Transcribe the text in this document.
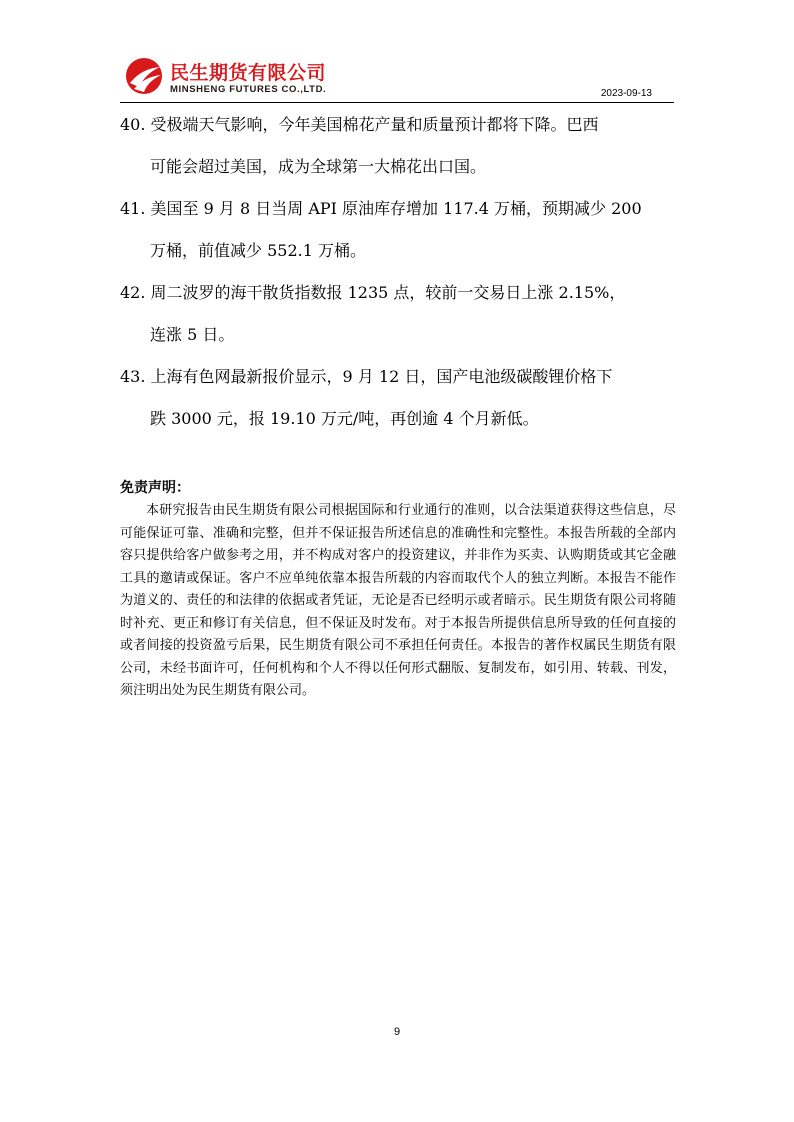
民生期货有限公司
MINSHENG FUTURES CO.,LTD.	2023-09-13
40. 受极端天气影响，今年美国棉花产量和质量预计都将下降。巴西
可能会超过美国，成为全球第一大棉花出口国。
41. 美国至 9 月 8 日当周 API 原油库存增加 117.4 万桶，预期减少 200
万桶，前值减少 552.1 万桶。
42. 周二波罗的海干散货指数报 1235 点，较前一交易日上涨 2.15%，
连涨 5 日。
43. 上海有色网最新报价显示，9 月 12 日，国产电池级碳酸锂价格下
跌 3000 元，报 19.10 万元/吨，再创逾 4 个月新低。

免责声明：

本研究报告由民生期货有限公司根据国际和行业通行的准则，以合法渠道获得这些信息，尽可能保证可靠、准确和完整，但并不保证报告所述信息的准确性和完整性。本报告所载的全部内容只提供给客户做参考之用，并不构成对客户的投资建议，并非作为买卖、认购期货或其它金融工具的邀请或保证。客户不应单纯依靠本报告所载的内容而取代个人的独立判断。本报告不能作为道义的、责任的和法律的依据或者凭证，无论是否已经明示或者暗示。民生期货有限公司将随时补充、更正和修订有关信息，但不保证及时发布。对于本报告所提供信息所导致的任何直接的或者间接的投资盈亏后果，民生期货有限公司不承担任何责任。本报告的著作权属民生期货有限公司，未经书面许可，任何机构和个人不得以任何形式翻版、复制发布，如引用、转载、刊发，须注明出处为民生期货有限公司。

9
